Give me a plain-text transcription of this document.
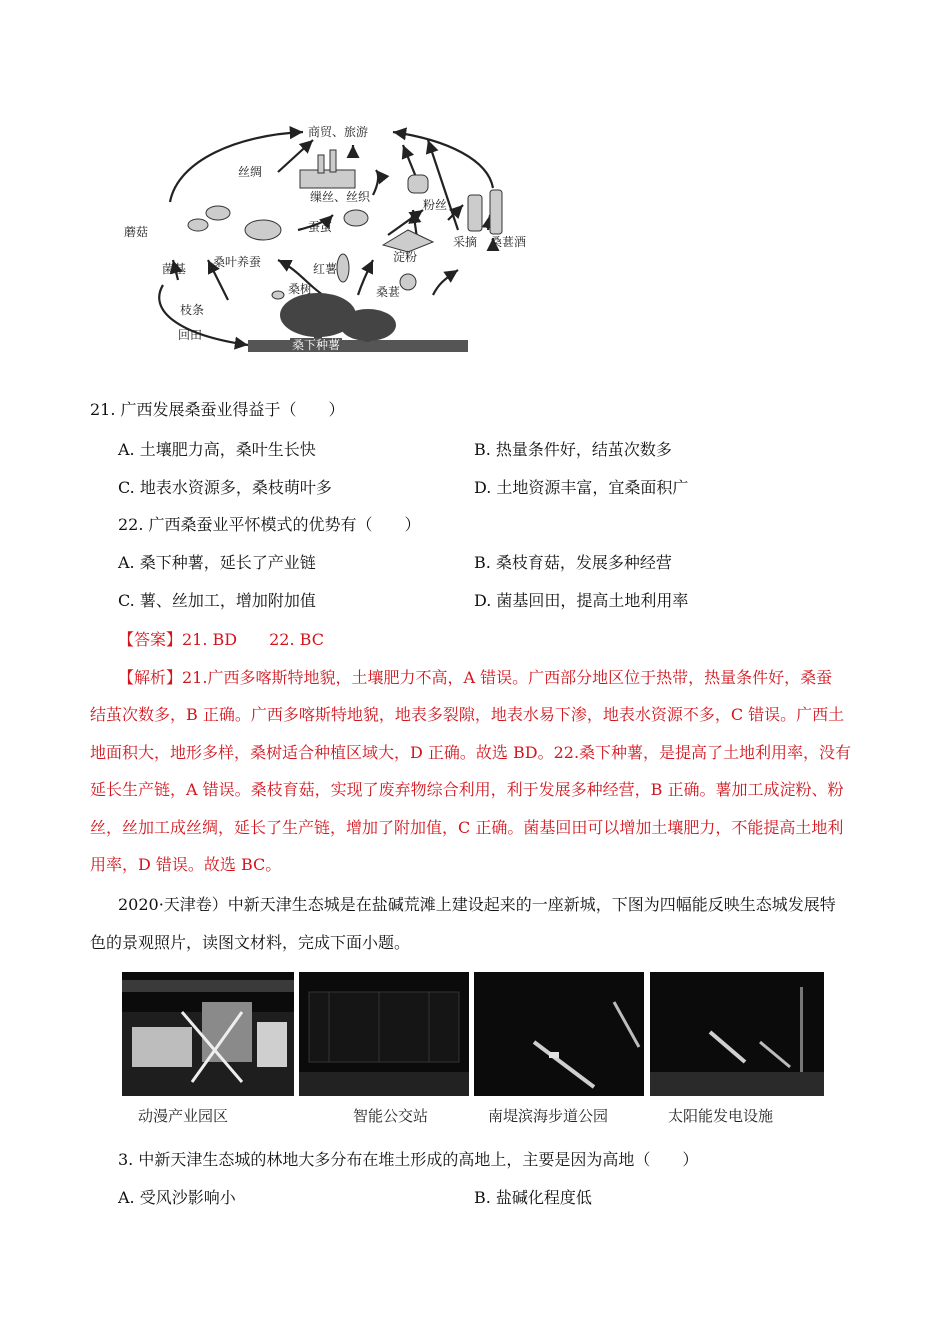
商贸、旅游
丝绸
缫丝、丝织
粉丝
蘑菇	蚕茧
桑叶养蚕
菌基
淀粉
采摘 桑葚酒
红薯
枝条
桑树	桑葚
回田
桑下种薯
21. 广西发展桑蚕业得益于（　　）
A. 土壤肥力高，桑叶生长快	B. 热量条件好，结茧次数多
C. 地表水资源多，桑枝萌叶多	D. 土地资源丰富，宜桑面积广
22. 广西桑蚕业平怀模式的优势有（　　）
A. 桑下种薯，延长了产业链	B. 桑枝育菇，发展多种经营
C. 薯、丝加工，增加附加值	D. 菌基回田，提高土地利用率
【答案】21. BD　　22. BC
【解析】21.广西多喀斯特地貌，土壤肥力不高，A 错误。广西部分地区位于热带，热量条件好，桑蚕
结茧次数多，B 正确。广西多喀斯特地貌，地表多裂隙，地表水易下渗，地表水资源不多，C 错误。广西土
地面积大，地形多样，桑树适合种植区域大，D 正确。故选 BD。22.桑下种薯，是提高了土地利用率，没有
延长生产链，A 错误。桑枝育菇，实现了废弃物综合利用，利于发展多种经营，B 正确。薯加工成淀粉、粉
丝，丝加工成丝绸，延长了生产链，增加了附加值，C 正确。菌基回田可以增加土壤肥力，不能提高土地利
用率，D 错误。故选 BC。
2020·天津卷）中新天津生态城是在盐碱荒滩上建设起来的一座新城，下图为四幅能反映生态城发展特
色的景观照片，读图文材料，完成下面小题。
动漫产业园区	智能公交站	南堤滨海步道公园	太阳能发电设施
3. 中新天津生态城的林地大多分布在堆土形成的高地上，主要是因为高地（　　）
A. 受风沙影响小	B. 盐碱化程度低
